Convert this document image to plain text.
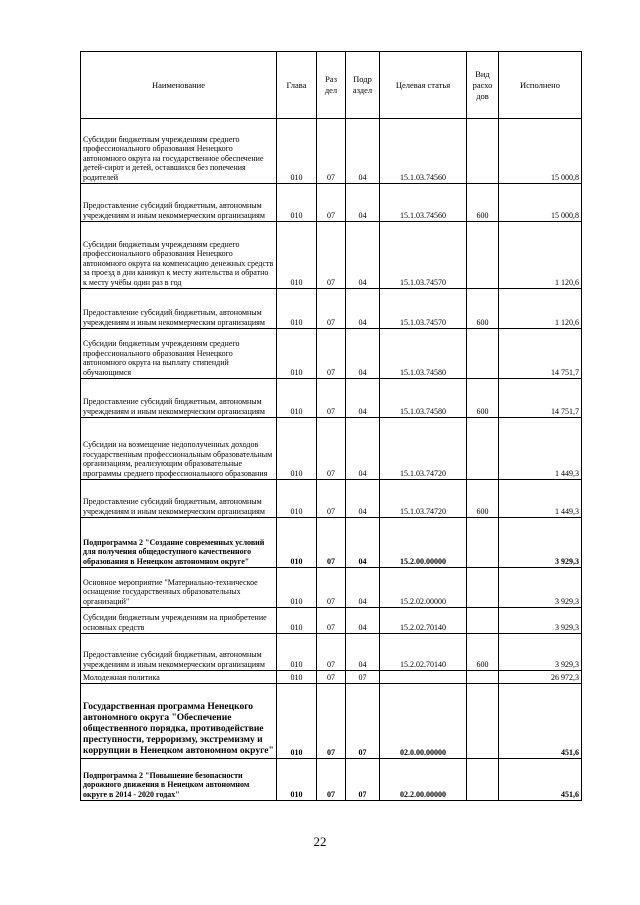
Наименование	Глава	Раз дел	Подр аздел	Целевая статья	Вид расхо дов	Исполнено
Субсидии бюджетным учреждениям среднего профессионального образования Ненецкого автономного округа на государственное обеспечение детей-сирот и детей, оставшихся без попечения родителей	010	07	04	15.1.03.74560		15 000,8
Предоставление субсидий бюджетным, автономным учреждениям и иным некоммерческим организациям	010	07	04	15.1.03.74560	600	15 000,8
Субсидии бюджетным учреждениям среднего профессионального образования Ненецкого автономного округа на компенсацию денежных средств за проезд в дни каникул к месту жительства и обратно к месту учёбы один раз в год	010	07	04	15.1.03.74570		1 120,6
Предоставление субсидий бюджетным, автономным учреждениям и иным некоммерческим организациям	010	07	04	15.1.03.74570	600	1 120,6
Субсидии бюджетным учреждениям среднего профессионального образования Ненецкого автономного округа на выплату стипендий обучающимся	010	07	04	15.1.03.74580		14 751,7
Предоставление субсидий бюджетным, автономным учреждениям и иным некоммерческим организациям	010	07	04	15.1.03.74580	600	14 751,7
Субсидии на возмещение недополученных доходов государственным профессиональным образовательным организациям, реализующим образовательные программы среднего профессионального образования	010	07	04	15.1.03.74720		1 449,3
Предоставление субсидий бюджетным, автономным учреждениям и иным некоммерческим организациям	010	07	04	15.1.03.74720	600	1 449,3
Подпрограмма 2 "Создание современных условий для получения общедоступного качественного образования в Ненецком автономном округе"	010	07	04	15.2.00.00000		3 929,3
Основное мероприятие "Материально-техническое оснащение государственных образовательных организаций"	010	07	04	15.2.02.00000		3 929,3
Субсидии бюджетным учреждениям на приобретение основных средств	010	07	04	15.2.02.70140		3 929,3
Предоставление субсидий бюджетным, автономным учреждениям и иным некоммерческим организациям	010	07	04	15.2.02.70140	600	3 929,3
Молодежная политика	010	07	07			26 972,3
Государственная программа Ненецкого автономного округа "Обеспечение общественного порядка, противодействие преступности, терроризму, экстремизму и коррупции в Ненецком автономном округе"	010	07	07	02.0.00.00000		451,6
Подпрограмма 2 "Повышение безопасности дорожного движения в Ненецком автономном округе в 2014 - 2020 годах"	010	07	07	02.2.00.00000		451,6
22
